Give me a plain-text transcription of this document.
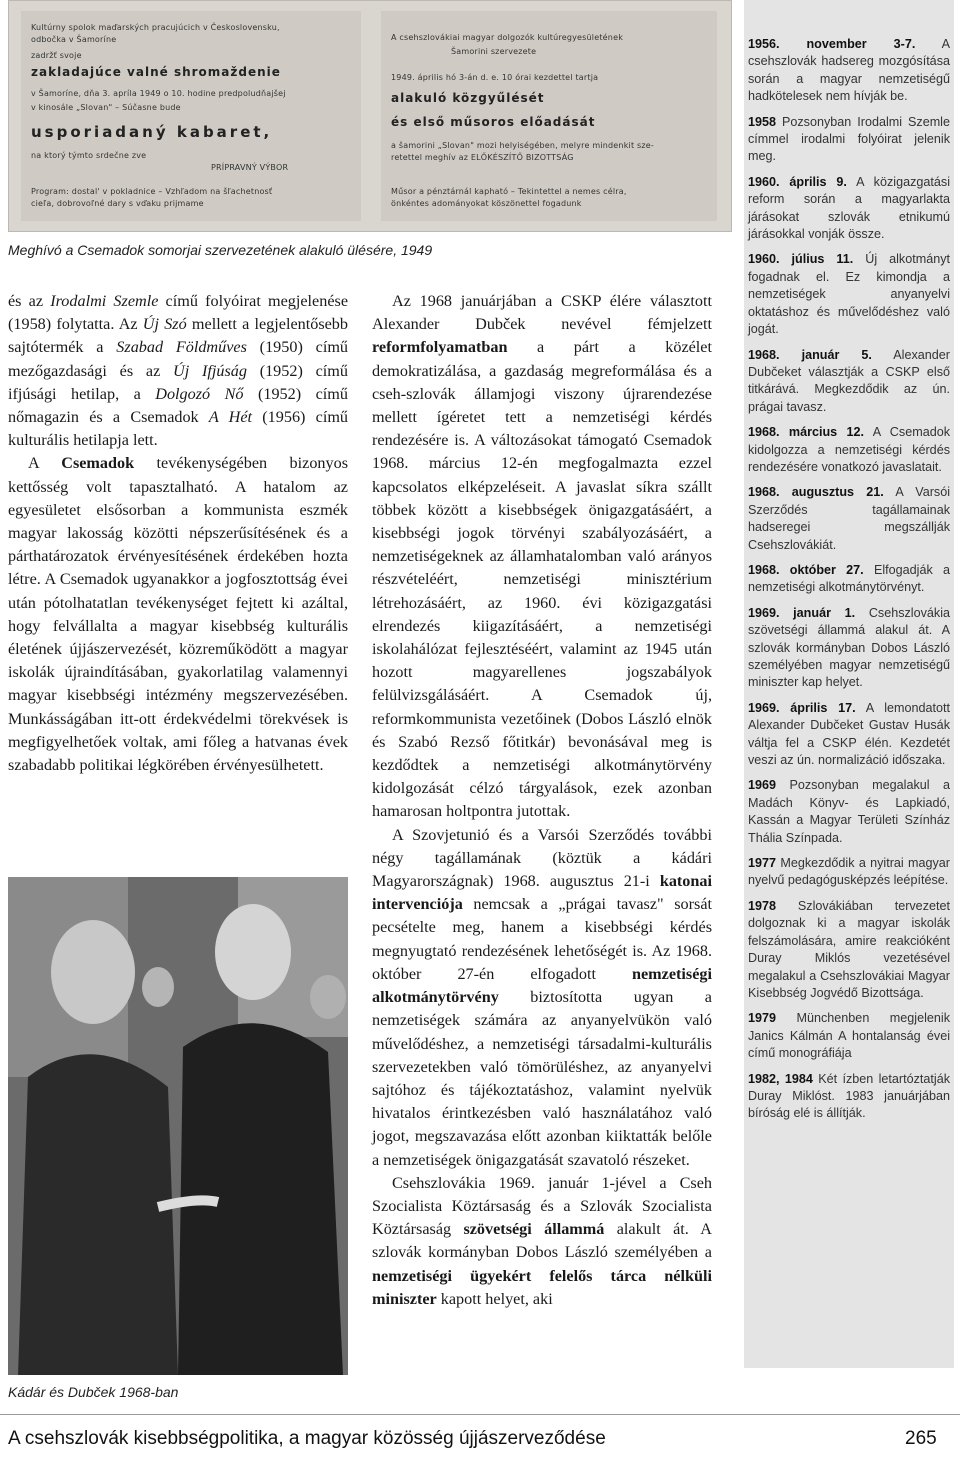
Kultúrny spolok maďarských pracujúcich v Československu,
odbočka v Šamoríne
zadržť svoje
zakladajúce valné shromaždenie
v Šamoríne, dňa 3. apríla 1949 o 10. hodine predpoludňajšej
v kinosále „Slovan" – Súčasne bude
usporiadaný kabaret,
na ktorý týmto srdečne zve
PRÍPRAVNÝ VÝBOR
Program: dostal' v pokladnice – Vzhľadom na šľachetnosť
cieľa, dobrovoľné dary s vďaku prijmame
A csehszlovákiai magyar dolgozók kultúregyesületének
Šamorini szervezete
1949. április hó 3-án d. e. 10 órai kezdettel tartja
alakuló közgyűlését
és első műsoros előadását
a šamorini „Slovan" mozi helyiségében, melyre mindenkit sze-
retettel meghív az ELŐKÉSZÍTŐ BIZOTTSÁG
Műsor a pénztárnál kapható – Tekintettel a nemes célra,
önkéntes adományokat köszönettel fogadunk
Meghívó a Csemadok somorjai szervezetének alakuló ülésére, 1949

és az Irodalmi Szemle című folyóirat megjelenése (1958) folytatta. Az Új Szó mellett a legjelentősebb sajtótermék a Szabad Földműves (1950) című mezőgazdasági és az Új Ifjúság (1952) című ifjúsági hetilap, a Dolgozó Nő (1952) című nőmagazin és a Csemadok A Hét (1956) című kulturális hetilapja lett.

A Csemadok tevékenységében bizonyos kettősség volt tapasztalható. A hatalom az egyesületet elsősorban a kommunista eszmék magyar lakosság közötti népszerűsítésének és a párthatározatok érvényesítésének érdekében hozta létre. A Csemadok ugyanakkor a jogfosztottság évei után pótolhatatlan tevékenységet fejtett ki azáltal, hogy felvállalta a magyar kisebbség kulturális életének újjászervezését, közreműködött a magyar iskolák újraindításában, gyakorlatilag valamennyi magyar kisebbségi intézmény megszervezésében. Munkásságában itt-ott érdekvédelmi törekvések is megfigyelhetőek voltak, ami főleg a hatvanas évek szabadabb politikai légkörében érvényesülhetett.

Kádár és Dubček 1968-ban

Az 1968 januárjában a CSKP élére választott Alexander Dubček nevével fémjelzett reformfolyamatban a párt a közélet demokratizálása, a gazdaság megreformálása és a cseh-szlovák államjogi viszony újrarendezése mellett ígéretet tett a nemzetiségi kérdés rendezésére is. A változásokat támogató Csemadok 1968. március 12-én megfogalmazta ezzel kapcsolatos elképzeléseit. A javaslat síkra szállt többek között a kisebbségek önigazgatásáért, a kisebbségi jogok törvényi szabályozásáért, a nemzetiségeknek az államhatalomban való arányos részvételéért, nemzetiségi minisztérium létrehozásáért, az 1960. évi közigazgatási elrendezés kiigazításáért, a nemzetiségi iskolahálózat fejlesztéséért, valamint az 1945 után hozott magyarellenes jogszabályok felülvizsgálásáért. A Csemadok új, reformkommunista vezetőinek (Dobos László elnök és Szabó Rezső főtitkár) bevonásával meg is kezdődtek a nemzetiségi alkotmánytörvény kidolgozását célzó tárgyalások, ezek azonban hamarosan holtpontra jutottak.

A Szovjetunió és a Varsói Szerződés további négy tagállamának (köztük a kádári Magyarországnak) 1968. augusztus 21-i katonai intervenciója nemcsak a „prágai tavasz" sorsát pecsételte meg, hanem a kisebbségi kérdés megnyugtató rendezésének lehetőségét is. Az 1968. október 27-én elfogadott nemzetiségi alkotmánytörvény biztosította ugyan a nemzetiségek számára az anyanyelvükön való művelődéshez, a nemzetiségi társadalmi-kulturális szervezetekben való tömörüléshez, az anyanyelvi sajtóhoz és tájékoztatáshoz, valamint nyelvük hivatalos érintkezésben való használatához való jogot, megszavazása előtt azonban kiiktatták belőle a nemzetiségek önigazgatását szavatoló részeket.

Csehszlovákia 1969. január 1-jével a Cseh Szocialista Köztársaság és a Szlovák Szocialista Köztársaság szövetségi állammá alakult át. A szlovák kormányban Dobos László személyében a nemzetiségi ügyekért felelős tárca nélküli miniszter kapott helyet, aki

1956. november 3-7. A csehszlovák hadsereg mozgósítása során a magyar nemzetiségű hadkötelesek nem hívják be.
1958 Pozsonyban Irodalmi Szemle címmel irodalmi folyóirat jelenik meg.
1960. április 9. A közigazgatási reform során a magyarlakta járásokat szlovák etnikumú járásokkal vonják össze.
1960. július 11. Új alkotmányt fogadnak el. Ez kimondja a nemzetiségek anyanyelvi oktatáshoz és művelődéshez való jogát.
1968. január 5. Alexander Dubčeket választják a CSKP első titkárává. Megkezdődik az ún. prágai tavasz.
1968. március 12. A Csemadok kidolgozza a nemzetiségi kérdés rendezésére vonatkozó javaslatait.
1968. augusztus 21. A Varsói Szerződés tagállamainak hadseregei megszállják Csehszlovákiát.
1968. október 27. Elfogadják a nemzetiségi alkotmánytörvényt.
1969. január 1. Csehszlovákia szövetségi állammá alakul át. A szlovák kormányban Dobos László személyében magyar nemzetiségű miniszter kap helyet.
1969. április 17. A lemondatott Alexander Dubčeket Gustav Husák váltja fel a CSKP élén. Kezdetét veszi az ún. normalizáció időszaka.
1969 Pozsonyban megalakul a Madách Könyv- és Lapkiadó, Kassán a Magyar Területi Színház Thália Színpada.
1977 Megkezdődik a nyitrai magyar nyelvű pedagógusképzés leépítése.
1978 Szlovákiában tervezetet dolgoznak ki a magyar iskolák felszámolására, amire reakcióként Duray Miklós vezetésével megalakul a Csehszlovákiai Magyar Kisebbség Jogvédő Bizottsága.
1979 Münchenben megjelenik Janics Kálmán A hontalanság évei című monográfiája
1982, 1984 Két ízben letartóztatják Duray Miklóst. 1983 januárjában bíróság elé is állítják.
A csehszlovák kisebbségpolitika, a magyar közösség újjászerveződése	265
